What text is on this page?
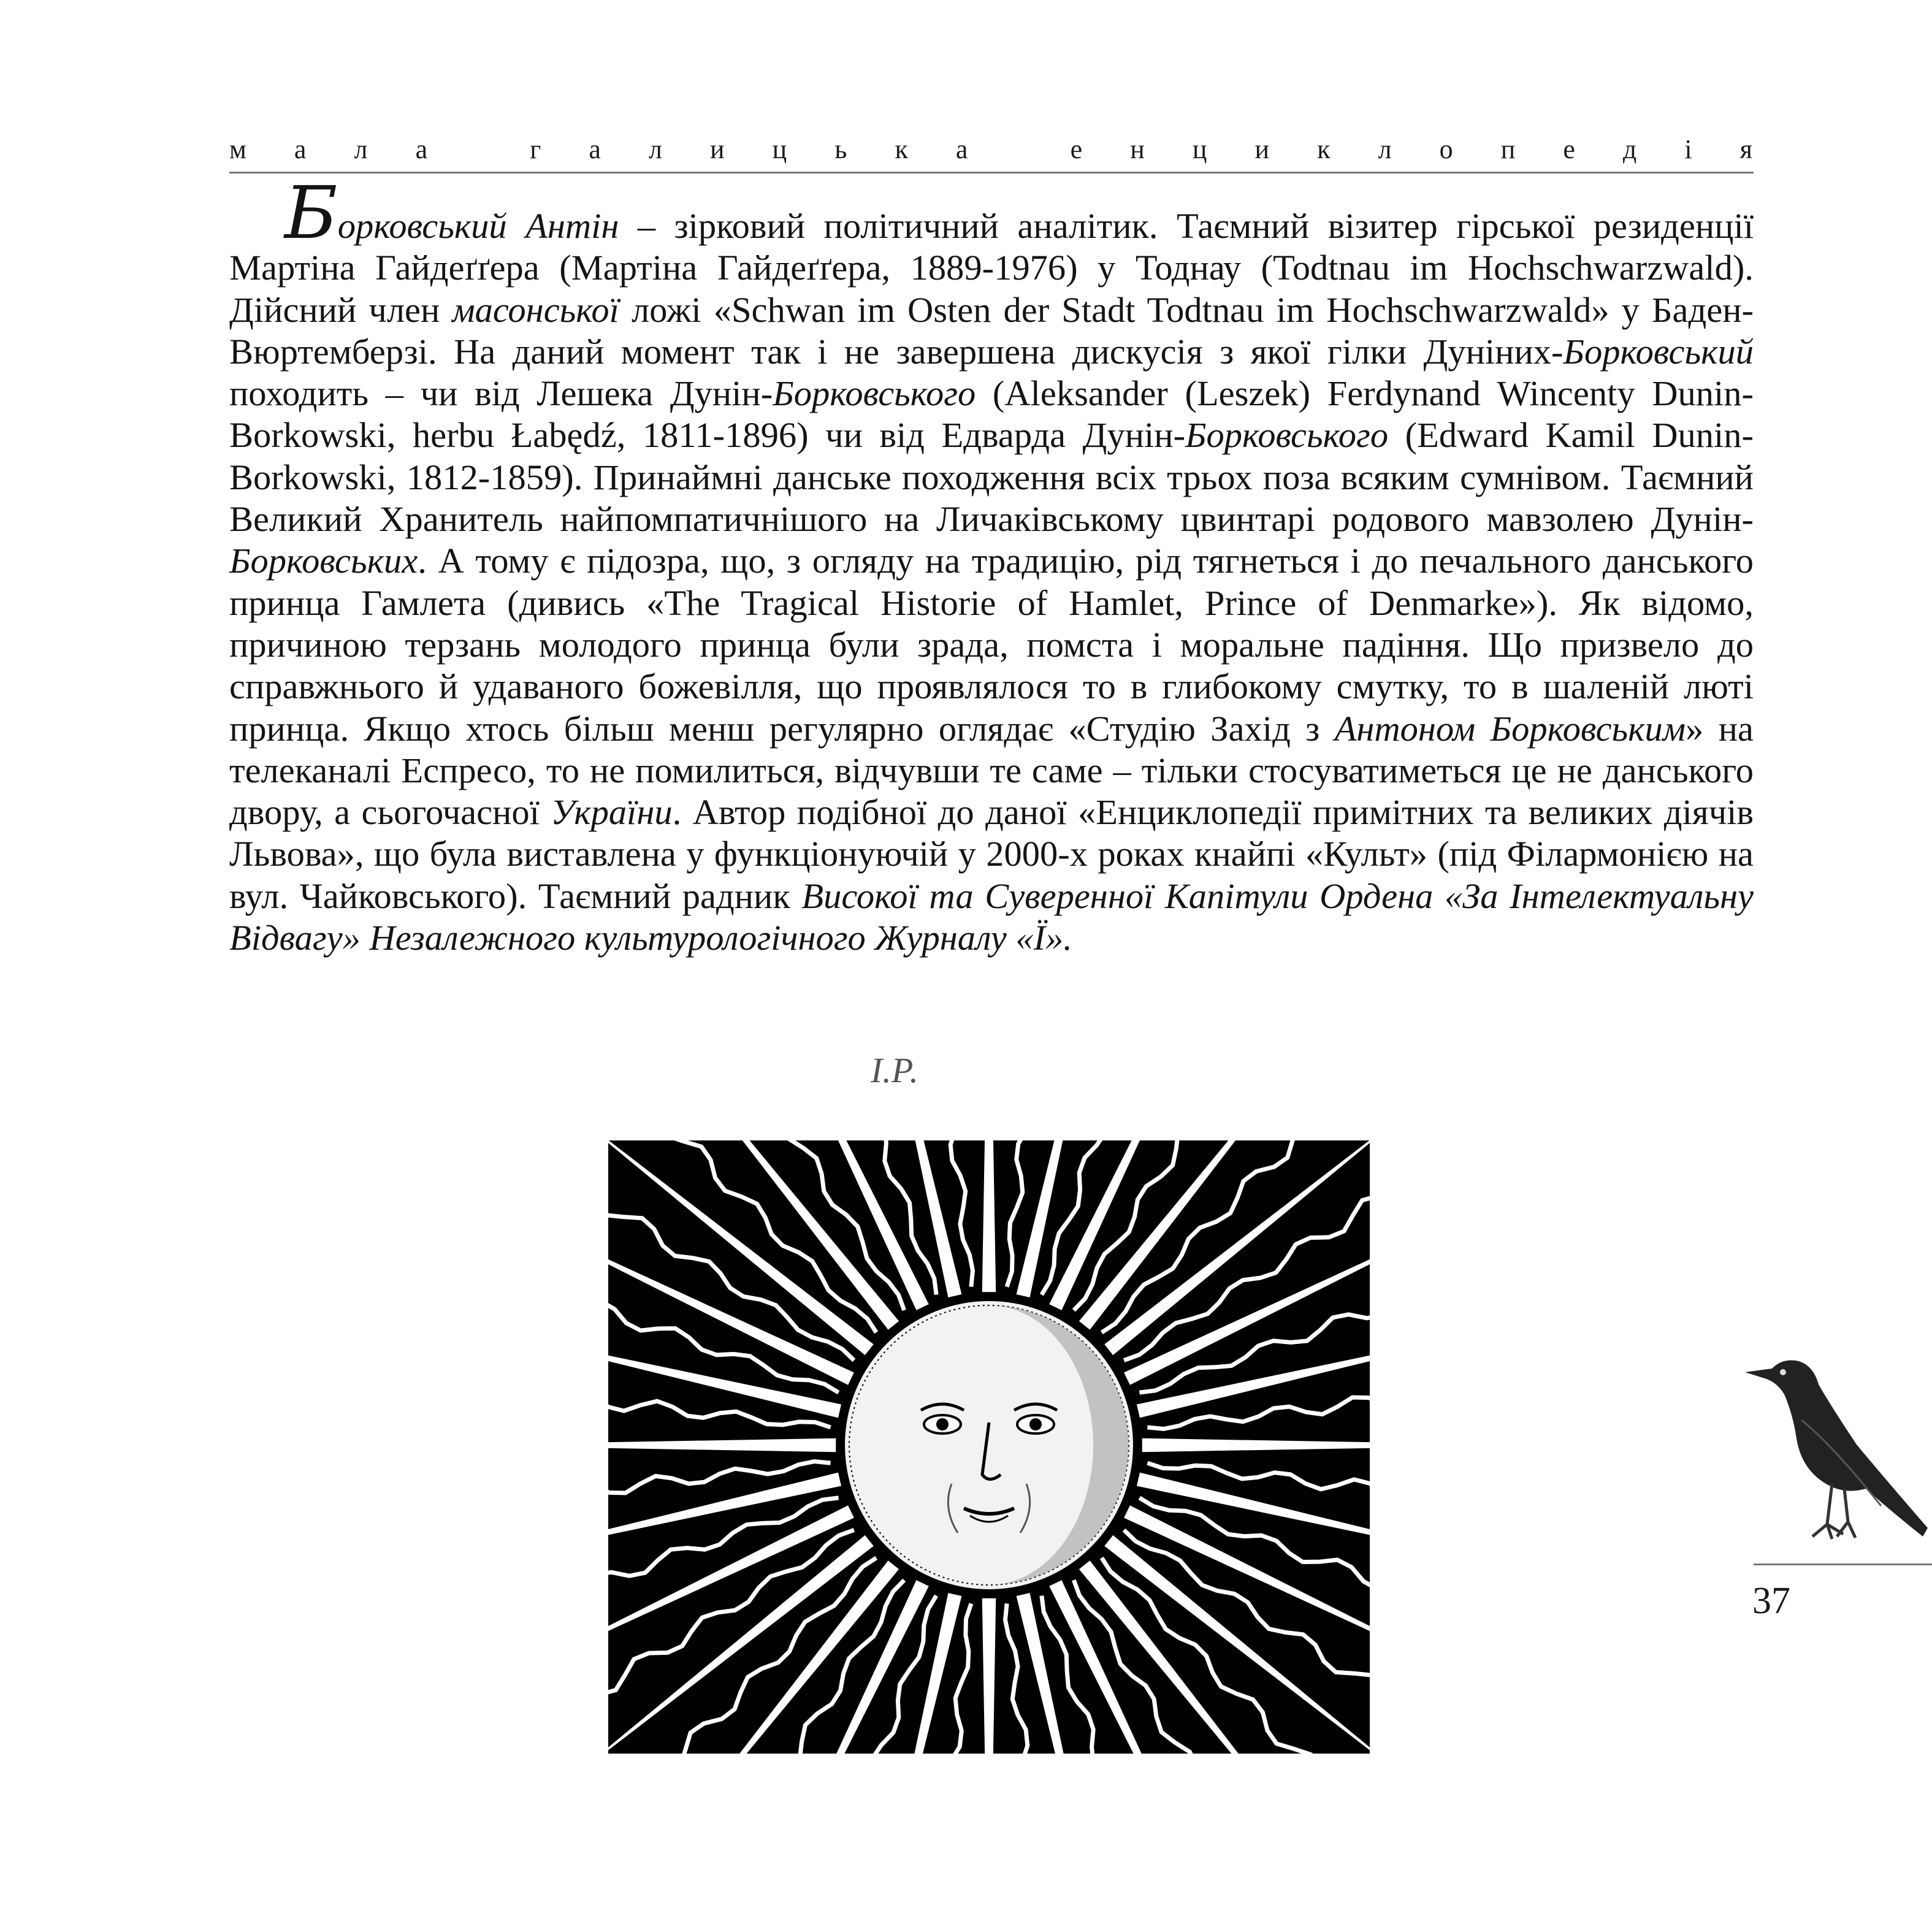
м а л а
	г а л и ц ь к а
	е н ц и к л о п е д і я

Борковський Антін – зірковий політичний аналітик. Таємний візитер гірської резиденції Мартіна Гайдеґґера (Мартіна Гайдеґґера, 1889-1976) у Тоднау (Todtnau im Hochschwarzwald). Дійсний член масонської ложі «Schwan im Osten der Stadt Todtnau im Hochschwarzwald» у Баден-Вюртемберзі. На даний момент так і не завершена дискусія з якої гілки Дуніних-Борковський походить – чи від Лешека Дунін-Борковського (Aleksander (Leszek) Ferdynand Wincenty Dunin-Borkowski, herbu Łabędź, 1811-1896) чи від Едварда Дунін-Борковського (Edward Kamil Dunin-Borkowski, 1812-1859). Принаймні данське походження всіх трьох поза всяким сумнівом. Таємний Великий Хранитель найпомпатичнішого на Личаківському цвинтарі родового мавзолею Дунін-Борковських. А тому є підозра, що, з огляду на традицію, рід тягнеться і до печального данського принца Гамлета (дивись «The Tragical Historie of Hamlet, Prince of Denmarke»). Як відомо, причиною терзань молодого принца були зрада, помста і моральне падіння. Що призвело до справжнього й удаваного божевілля, що проявлялося то в глибокому смутку, то в шаленій люті принца. Якщо хтось більш менш регулярно оглядає «Студію Захід з Антоном Борковським» на телеканалі Еспресо, то не помилиться, відчувши те саме – тільки стосуватиметься це не данського двору, а сьогочасної України. Автор подібної до даної «Енциклопедії примітних та великих діячів Львова», що була виставлена у функціонуючій у 2000-х роках кнайпі «Культ» (під Філармонією на вул. Чайковського). Таємний радник Високої та Суверенної Капітули Ордена «За Інтелектуальну Відвагу» Незалежного культурологічного Журналу «Ї».

І.Р.
37
